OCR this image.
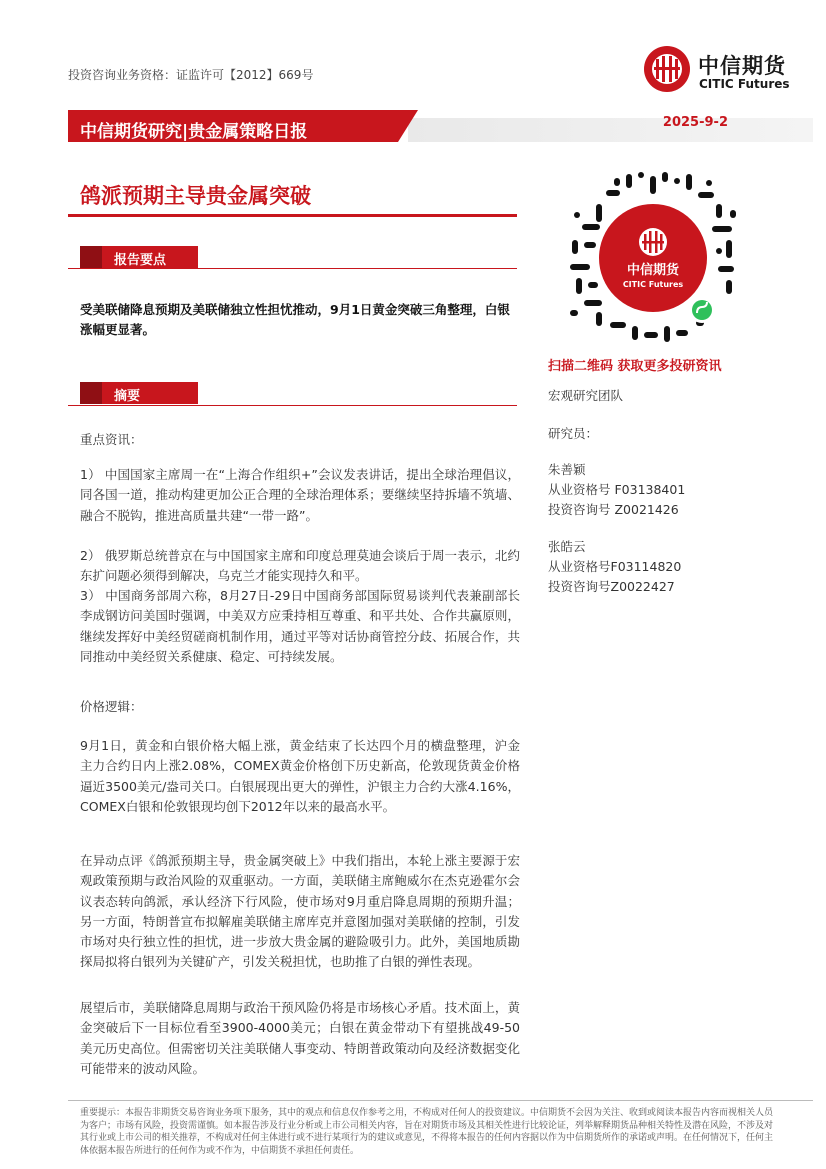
投资咨询业务资格：证监许可【2012】669号	中信期货
CITIC Futures
中信期货研究|贵金属策略日报	2025-9-2
鸽派预期主导贵金属突破
报告要点
受美联储降息预期及美联储独立性担忧推动，9月1日黄金突破三角整理，白银涨幅更显著。
摘要
重点资讯：
1） 中国国家主席周一在“上海合作组织+”会议发表讲话，提出全球治理倡议，同各国一道，推动构建更加公正合理的全球治理体系；要继续坚持拆墙不筑墙、融合不脱钩，推进高质量共建“一带一路”。
2） 俄罗斯总统普京在与中国国家主席和印度总理莫迪会谈后于周一表示，北约东扩问题必须得到解决，乌克兰才能实现持久和平。
3） 中国商务部周六称，8月27日-29日中国商务部国际贸易谈判代表兼副部长李成钢访问美国时强调，中美双方应秉持相互尊重、和平共处、合作共赢原则，继续发挥好中美经贸磋商机制作用，通过平等对话协商管控分歧、拓展合作，共同推动中美经贸关系健康、稳定、可持续发展。
价格逻辑：
9月1日，黄金和白银价格大幅上涨，黄金结束了长达四个月的横盘整理，沪金主力合约日内上涨2.08%，COMEX黄金价格创下历史新高，伦敦现货黄金价格逼近3500美元/盎司关口。白银展现出更大的弹性，沪银主力合约大涨4.16%，COMEX白银和伦敦银现均创下2012年以来的最高水平。
在异动点评《鸽派预期主导，贵金属突破上》中我们指出，本轮上涨主要源于宏观政策预期与政治风险的双重驱动。一方面，美联储主席鲍威尔在杰克逊霍尔会议表态转向鸽派，承认经济下行风险，使市场对9月重启降息周期的预期升温；另一方面，特朗普宣布拟解雇美联储主席库克并意图加强对美联储的控制，引发市场对央行独立性的担忧，进一步放大贵金属的避险吸引力。此外，美国地质勘探局拟将白银列为关键矿产，引发关税担忧，也助推了白银的弹性表现。
展望后市，美联储降息周期与政治干预风险仍将是市场核心矛盾。技术面上，黄金突破后下一目标位看至3900-4000美元；白银在黄金带动下有望挑战49-50美元历史高位。但需密切关注美联储人事变动、特朗普政策动向及经济数据变化可能带来的波动风险。
中信期货
CITIC Futures
扫描二维码 获取更多投研资讯
宏观研究团队
研究员：
朱善颖
从业资格号 F03138401
投资咨询号 Z0021426
张皓云
从业资格号F03114820
投资咨询号Z0022427
重要提示：本报告非期货交易咨询业务项下服务，其中的观点和信息仅作参考之用，不构成对任何人的投资建议。中信期货不会因为关注、收到或阅读本报告内容而视相关人员为客户；市场有风险，投资需谨慎。如本报告涉及行业分析或上市公司相关内容，旨在对期货市场及其相关性进行比较论证，列举解释期货品种相关特性及潜在风险，不涉及对其行业或上市公司的相关推荐，不构成对任何主体进行或不进行某项行为的建议或意见，不得将本报告的任何内容据以作为中信期货所作的承诺或声明。在任何情况下，任何主体依据本报告所进行的任何作为或不作为，中信期货不承担任何责任。
